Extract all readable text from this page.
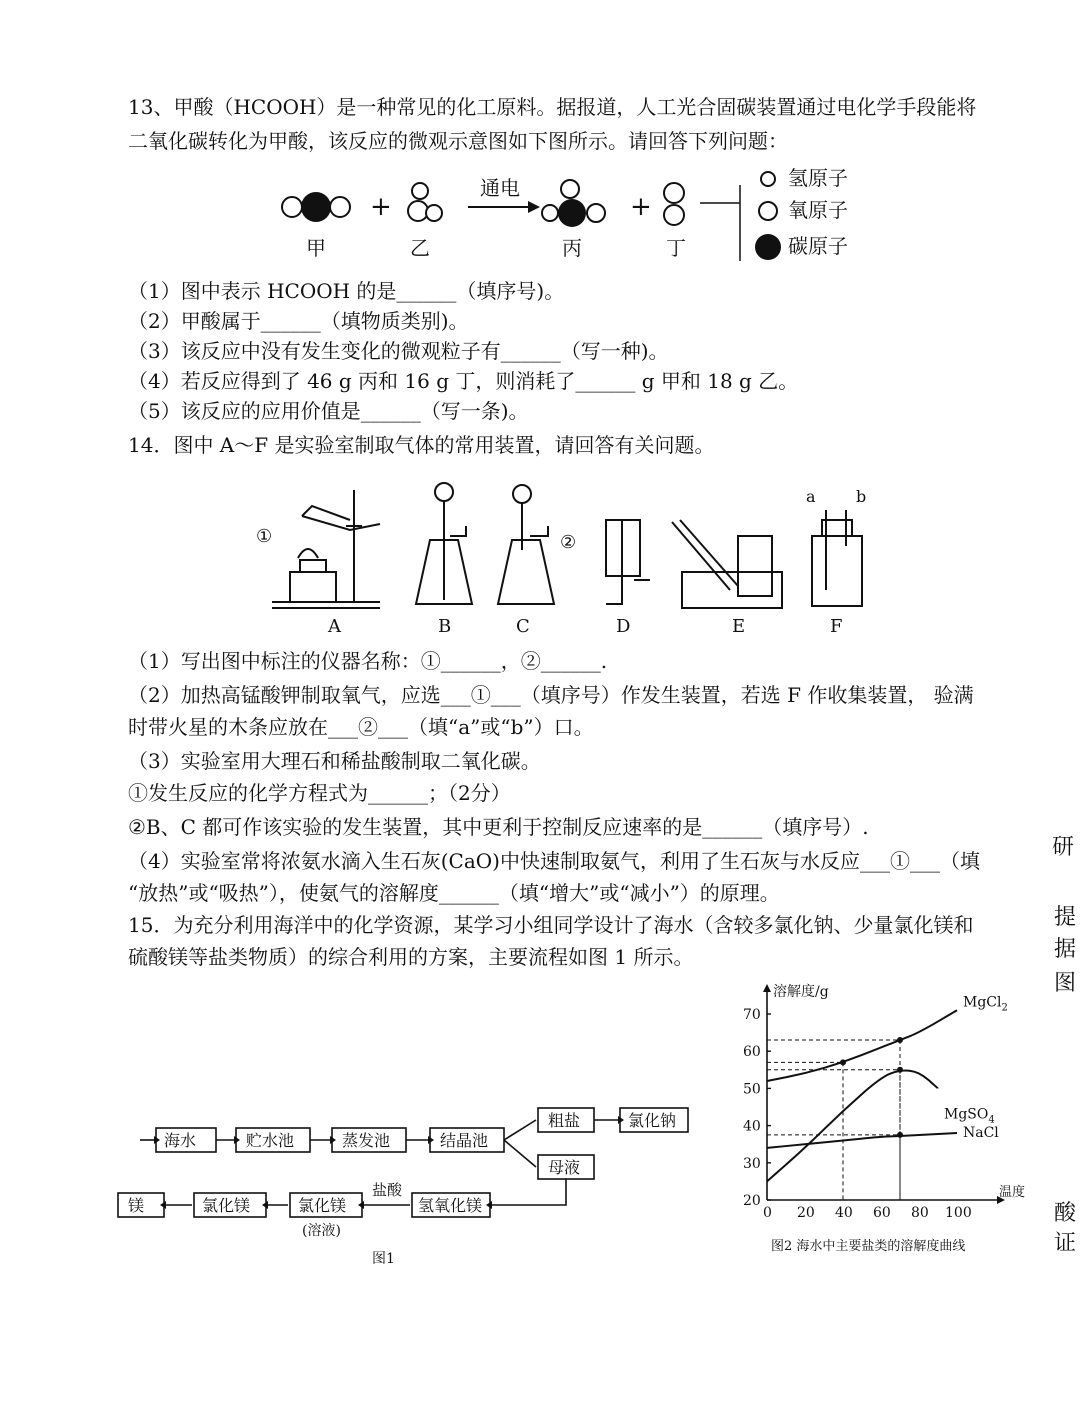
13、甲酸（HCOOH）是一种常见的化工原料。据报道，人工光合固碳装置通过电化学手段能将
二氧化碳转化为甲酸，该反应的微观示意图如下图所示。请回答下列问题：
+
通电
+
氢原子
氧原子
碳原子
甲	乙	丙	丁
（1）图中表示 HCOOH 的是______（填序号)。
（2）甲酸属于______（填物质类别)。
（3）该反应中没有发生变化的微观粒子有______（写一种)。
（4）若反应得到了 46 g 丙和 16 g 丁，则消耗了______ g 甲和 18 g 乙。
（5）该反应的应用价值是______（写一条)。
14．图中 A～F 是实验室制取气体的常用装置，请回答有关问题。
①	②
a	b
A	B	C	D	E	F
（1）写出图中标注的仪器名称：①______，②______.
（2）加热高锰酸钾制取氧气，应选___①___（填序号）作发生装置，若选 F 作收集装置， 验满
时带火星的木条应放在___②___（填“a”或“b”）口。
（3）实验室用大理石和稀盐酸制取二氧化碳。
①发生反应的化学方程式为______；（2分）
②B、C 都可作该实验的发生装置，其中更利于控制反应速率的是______（填序号）.
（4）实验室常将浓氨水滴入生石灰(CaO)中快速制取氨气，利用了生石灰与水反应___①___（填
“放热”或“吸热”），使氨气的溶解度______（填“增大”或“减小”）的原理。
15．为充分利用海洋中的化学资源，某学习小组同学设计了海水（含较多氯化钠、少量氯化镁和
硫酸镁等盐类物质）的综合利用的方案，主要流程如图 1 所示。
海水	贮水池	蒸发池	结晶池
粗盐	氯化钠
母液
镁	氯化镁	氯化镁	氢氧化镁
(溶液)
盐酸
图1
0 20 40 60 80 100
20
30
40
50
60
70
溶解度/g
温度
图2 海水中主要盐类的溶解度曲线
MgCl$_2$
MgSO$_4$
NaCl
研
提
据
图
酸
证
